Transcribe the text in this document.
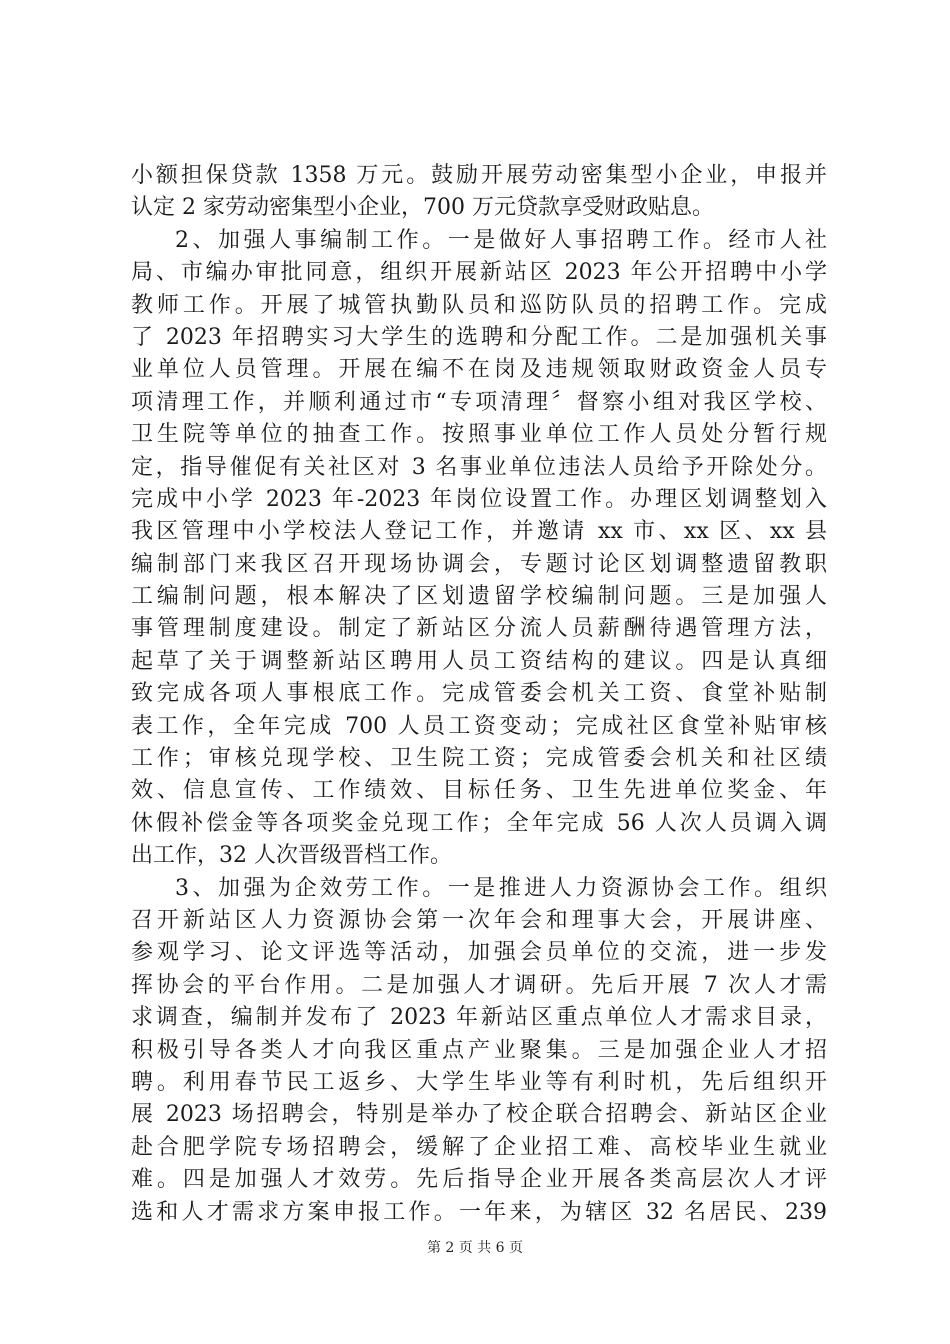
小额担保贷款 1358 万元。鼓励开展劳动密集型小企业，申报并
认定 2 家劳动密集型小企业，700 万元贷款享受财政贴息。
2、加强人事编制工作。一是做好人事招聘工作。经市人社
局、市编办审批同意，组织开展新站区 2023 年公开招聘中小学
教师工作。开展了城管执勤队员和巡防队员的招聘工作。完成
了 2023 年招聘实习大学生的选聘和分配工作。二是加强机关事
业单位人员管理。开展在编不在岗及违规领取财政资金人员专
项清理工作，并顺利通过市“专项清理〞督察小组对我区学校、
卫生院等单位的抽查工作。按照事业单位工作人员处分暂行规
定，指导催促有关社区对 3 名事业单位违法人员给予开除处分。
完成中小学 2023 年-2023 年岗位设置工作。办理区划调整划入
我区管理中小学校法人登记工作，并邀请 xx 市、xx 区、xx 县
编制部门来我区召开现场协调会，专题讨论区划调整遗留教职
工编制问题，根本解决了区划遗留学校编制问题。三是加强人
事管理制度建设。制定了新站区分流人员薪酬待遇管理方法，
起草了关于调整新站区聘用人员工资结构的建议。四是认真细
致完成各项人事根底工作。完成管委会机关工资、食堂补贴制
表工作，全年完成 700 人员工资变动；完成社区食堂补贴审核
工作；审核兑现学校、卫生院工资；完成管委会机关和社区绩
效、信息宣传、工作绩效、目标任务、卫生先进单位奖金、年
休假补偿金等各项奖金兑现工作；全年完成 56 人次人员调入调
出工作，32 人次晋级晋档工作。
3、加强为企效劳工作。一是推进人力资源协会工作。组织
召开新站区人力资源协会第一次年会和理事大会，开展讲座、
参观学习、论文评选等活动，加强会员单位的交流，进一步发
挥协会的平台作用。二是加强人才调研。先后开展 7 次人才需
求调查，编制并发布了 2023 年新站区重点单位人才需求目录，
积极引导各类人才向我区重点产业聚集。三是加强企业人才招
聘。利用春节民工返乡、大学生毕业等有利时机，先后组织开
展 2023 场招聘会，特别是举办了校企联合招聘会、新站区企业
赴合肥学院专场招聘会，缓解了企业招工难、高校毕业生就业
难。四是加强人才效劳。先后指导企业开展各类高层次人才评
选和人才需求方案申报工作。一年来，为辖区 32 名居民、239
第 2 页 共 6 页
